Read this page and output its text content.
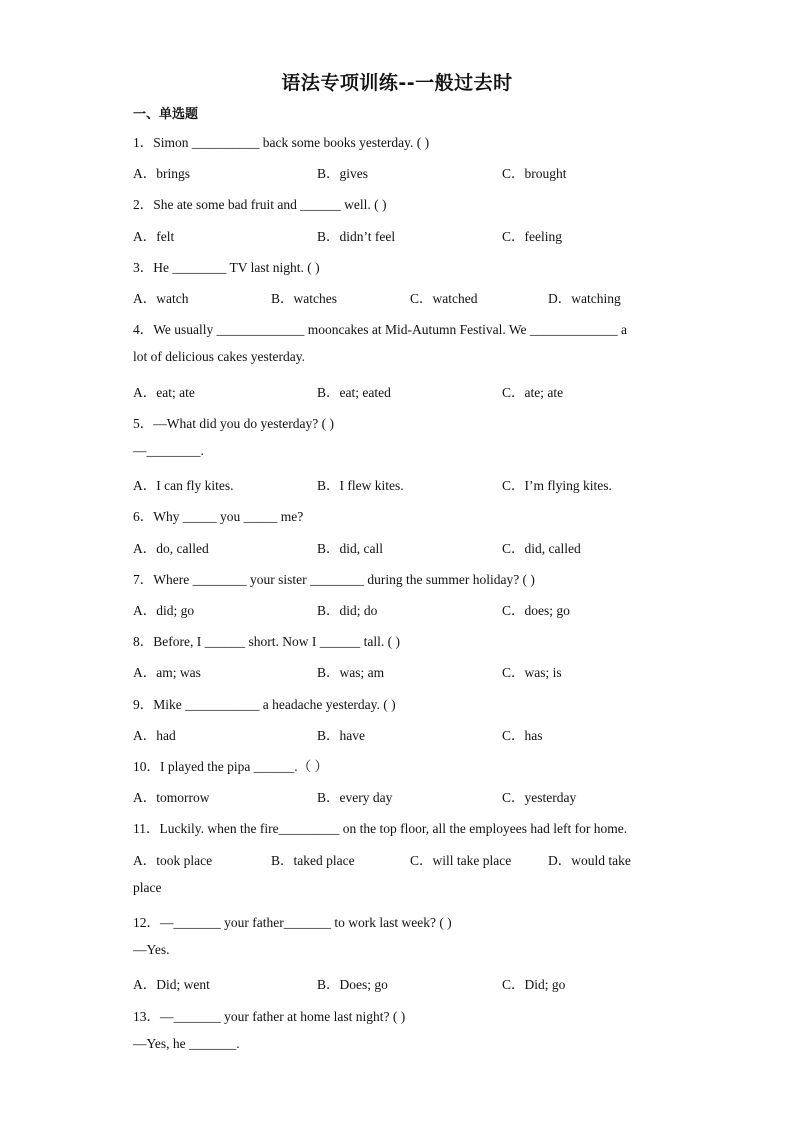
语法专项训练--一般过去时
一、单选题
1．Simon __________ back some books yesterday. ( )
A．brings	B．gives	C．brought
2．She ate some bad fruit and ______ well. ( )
A．felt	B．didn’t feel	C．feeling
3．He ________ TV last night. ( )
A．watch	B．watches	C．watched	D．watching
4．We usually _____________ mooncakes at Mid-Autumn Festival. We _____________ a
lot of delicious cakes yesterday.
A．eat; ate	B．eat; eated	C．ate; ate
5．—What did you do yesterday? ( )
—________.
A．I can fly kites.	B．I flew kites.	C．I’m flying kites.
6．Why _____ you _____ me?
A．do, called	B．did, call	C．did, called
7．Where ________ your sister ________ during the summer holiday? ( )
A．did; go	B．did; do	C．does; go
8．Before, I ______ short. Now I ______ tall. ( )
A．am; was	B．was; am	C．was; is
9．Mike ___________ a headache yesterday. ( )
A．had	B．have	C．has
10．I played the pipa ______.（ ）
A．tomorrow	B．every day	C．yesterday
11．Luckily. when the fire_________ on the top floor, all the employees had left for home.
A．took place	B．taked place	C．will take place	D．would take
place
12．—_______ your father_______ to work last week? ( )
—Yes.
A．Did; went	B．Does; go	C．Did; go
13．—_______ your father at home last night? ( )
—Yes, he _______.
